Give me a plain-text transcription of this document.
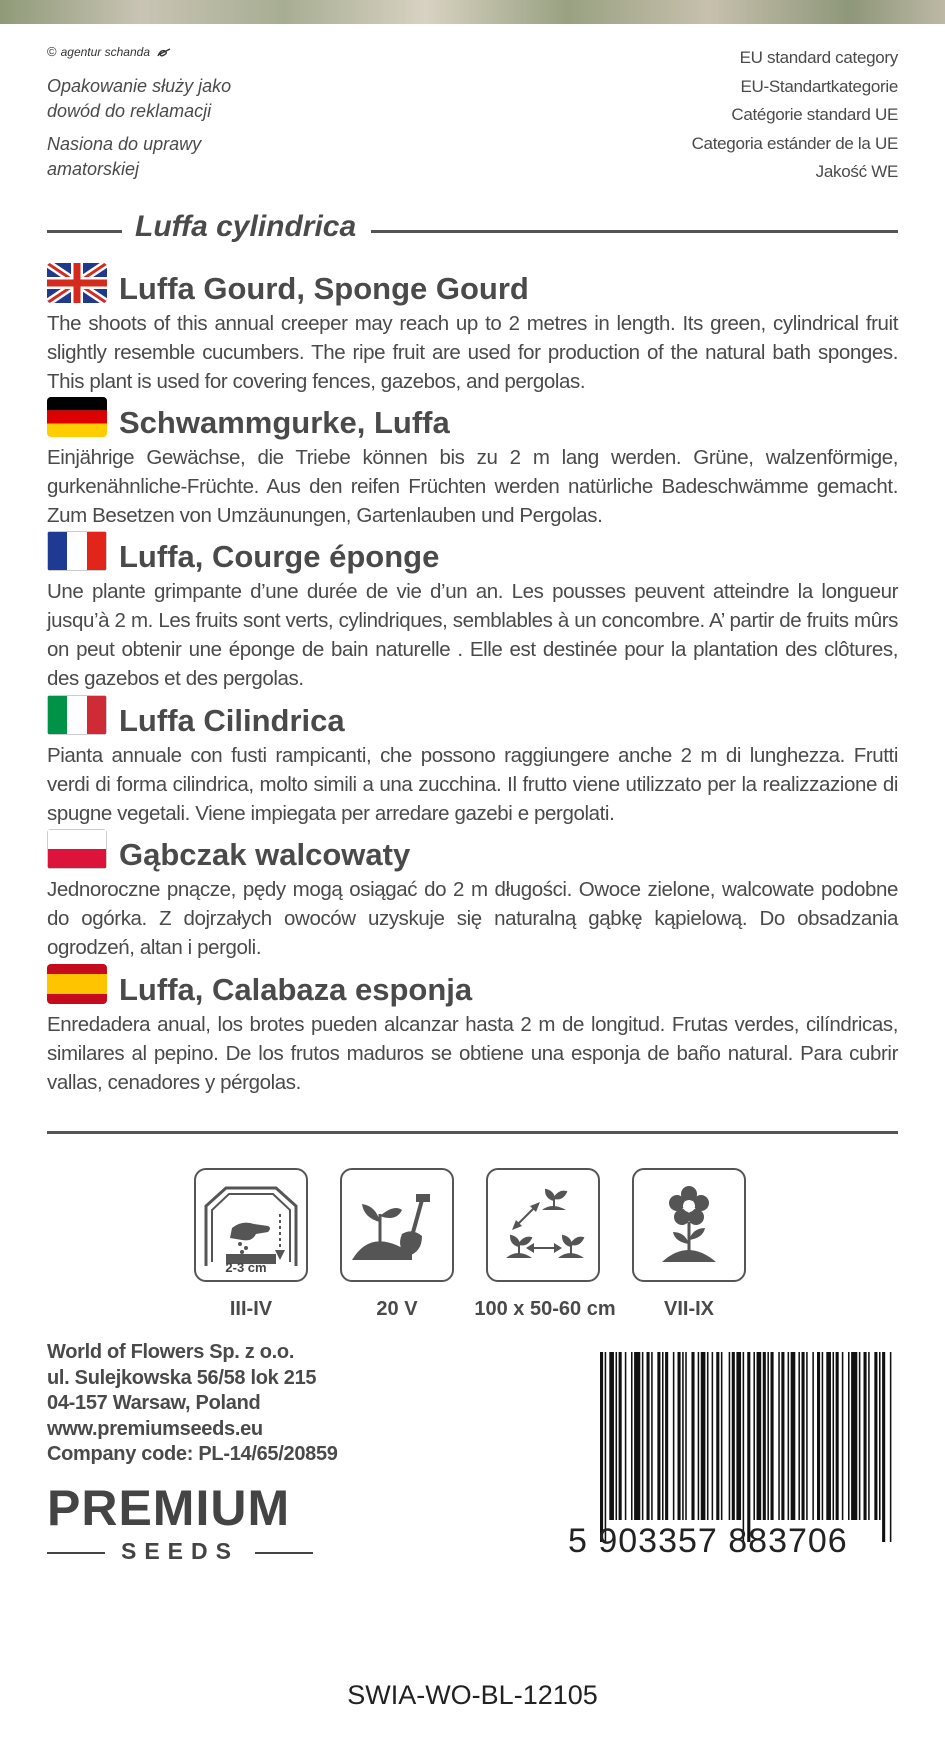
© agentur schanda

Opakowanie służy jako dowód do reklamacji

Nasiona do uprawy amatorskiej

EU standard category
EU-Standartkategorie
Catégorie standard UE
Categoria estánder de la UE
Jakość WE
Luffa cylindrica
Luffa Gourd, Sponge Gourd

The shoots of this annual creeper may reach up to 2 metres in length. Its green, cylindrical fruit slightly resemble cucumbers. The ripe fruit are used for production of the natural bath sponges. This plant is used for covering fences, gazebos, and pergolas.

Schwammgurke, Luffa

Einjährige Gewächse, die Triebe können bis zu 2 m lang werden. Grüne, walzenförmige, gurkenähnliche-Früchte. Aus den reifen Früchten werden natürliche Badeschwämme gemacht. Zum Besetzen von Umzäunungen, Gartenlauben und Pergolas.

Luffa, Courge éponge

Une plante grimpante d’une durée de vie d’un an. Les pousses peuvent atteindre la longueur jusqu’à 2 m. Les fruits sont verts, cylindriques, semblables à un concombre. A’ partir de fruits mûrs on peut obtenir une éponge de bain naturelle . Elle est destinée pour la plantation des clôtures, des gazebos et des pergolas.

Luffa Cilindrica

Pianta annuale con fusti rampicanti, che possono raggiungere anche 2 m di lunghezza. Frutti verdi di forma cilindrica, molto simili a una zucchina. Il frutto viene utilizzato per la realizzazione di spugne vegetali. Viene impiegata per arredare gazebi e pergolati.

Gąbczak walcowaty

Jednoroczne pnącze, pędy mogą osiągać do 2 m długości. Owoce zielone, walcowate podobne do ogórka. Z dojrzałych owoców uzyskuje się naturalną gąbkę kąpielową. Do obsadzania ogrodzeń, altan i pergoli.

Luffa, Calabaza esponja

Enredadera anual, los brotes pueden alcanzar hasta 2 m de longitud. Frutas verdes, cilíndricas, similares al pepino. De los frutos maduros se obtiene una esponja de baño natural. Para cubrir vallas, cenadores y pérgolas.

2-3 cm
III-IV	20 V	100 x 50-60 cm	VII-IX
World of Flowers Sp. z o.o.
ul. Sulejkowska 56/58 lok 215
04-157 Warsaw, Poland
www.premiumseeds.eu
Company code: PL-14/65/20859
PREMIUM
SEEDS	5 903357 883706
SWIA-WO-BL-12105
